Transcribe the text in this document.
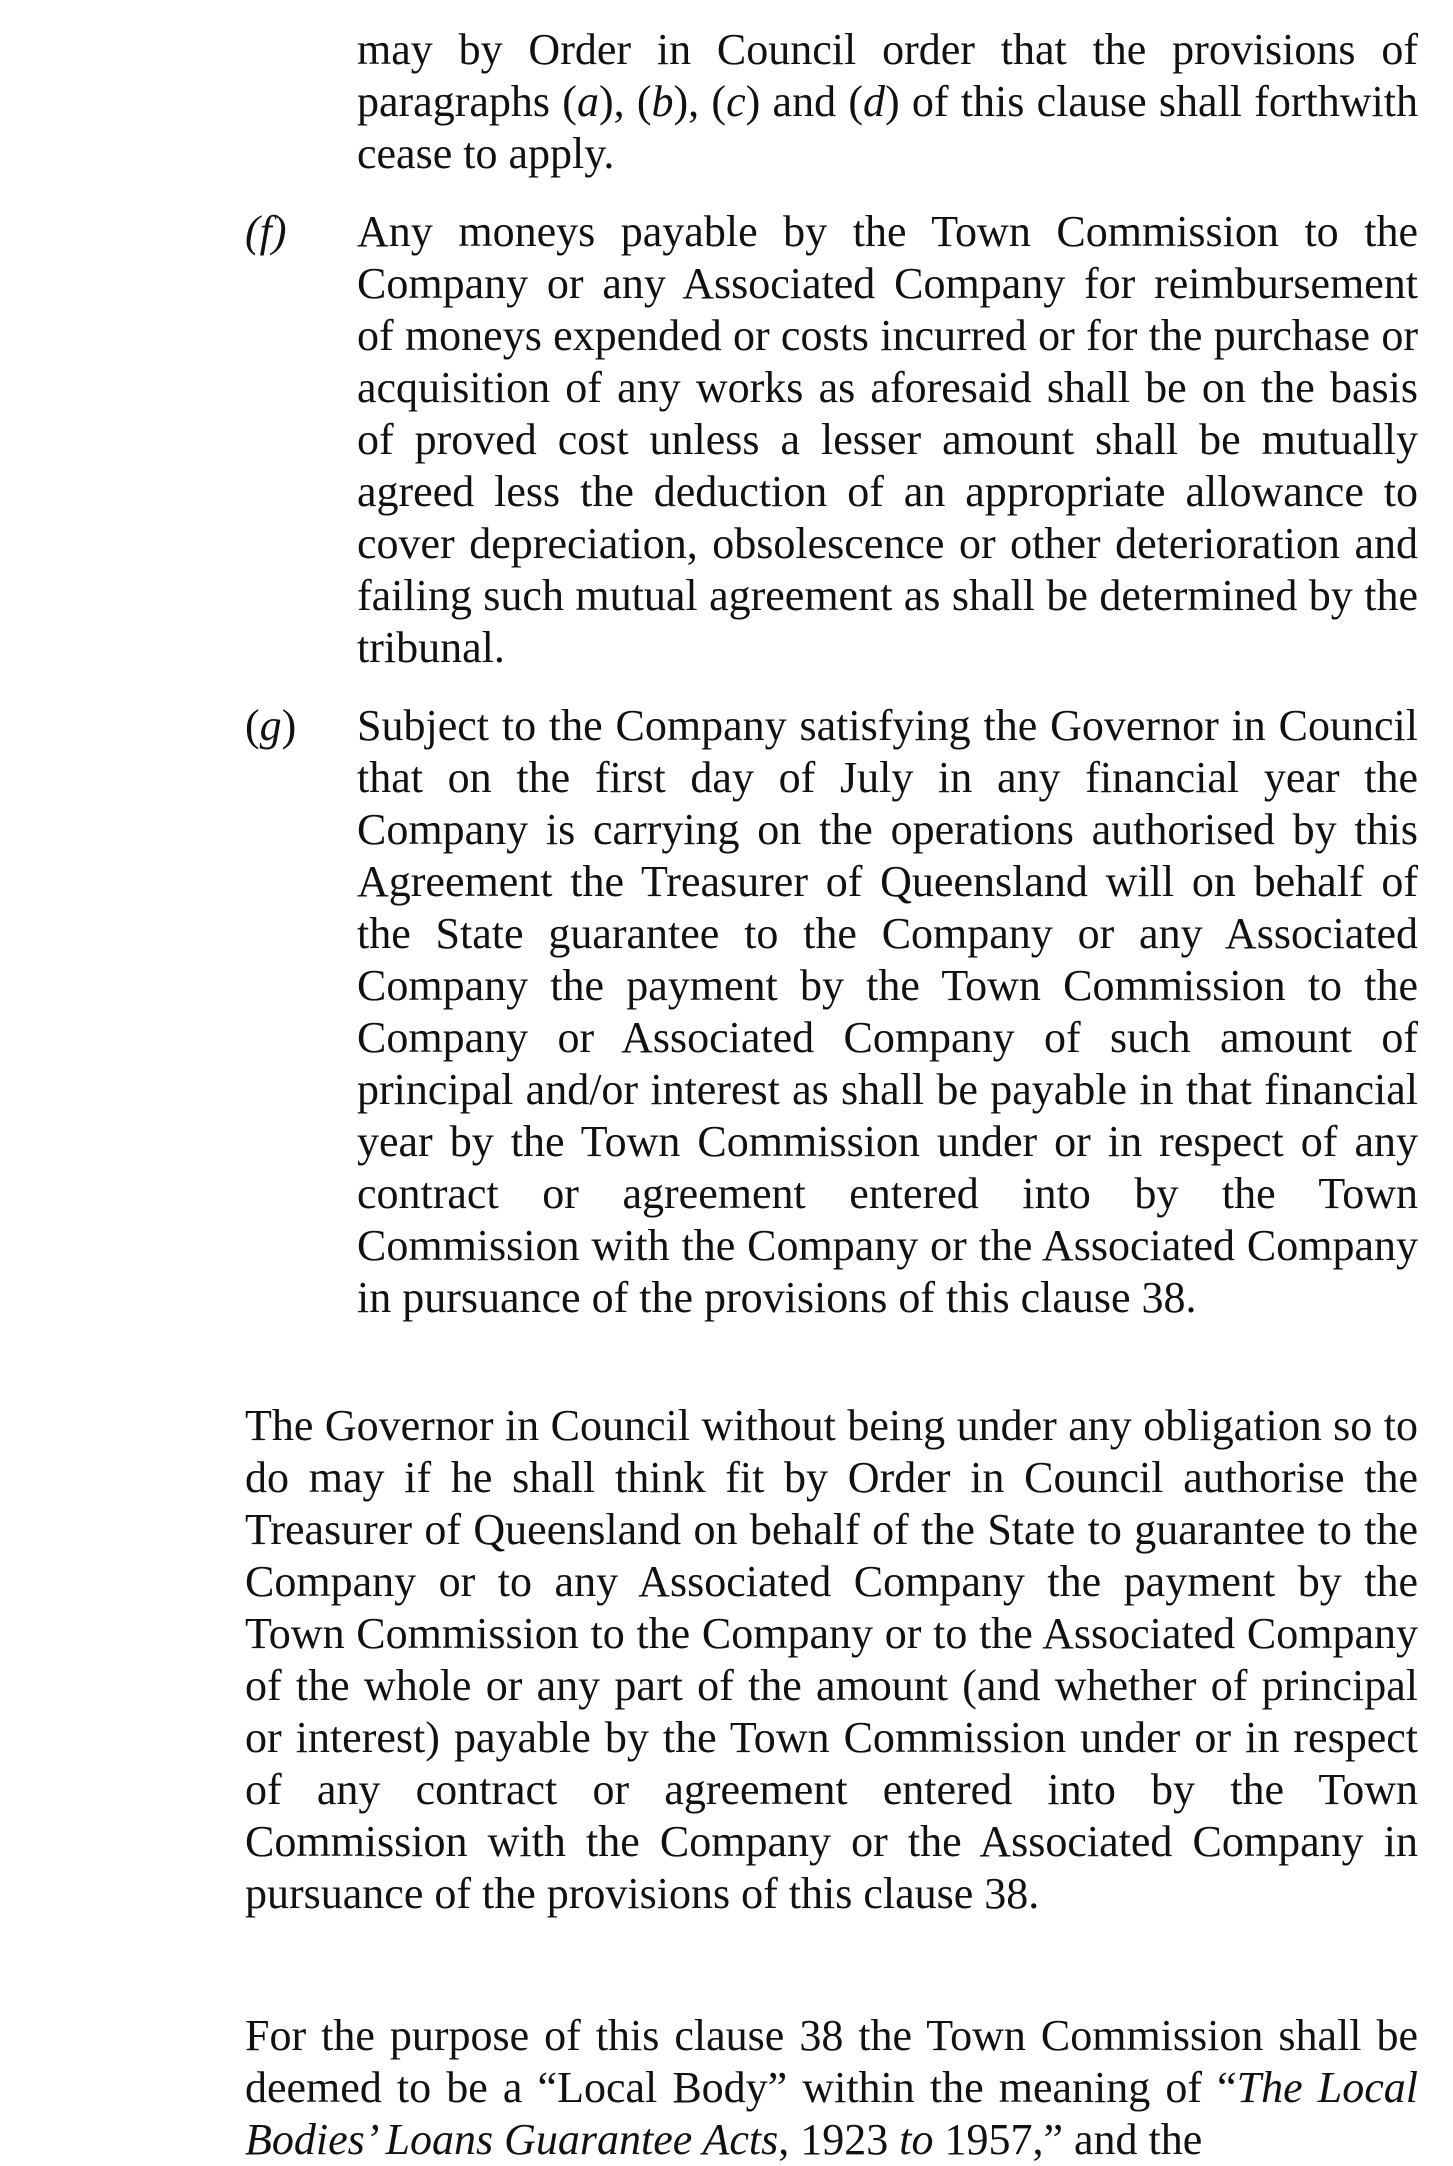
may by Order in Council order that the provisions of paragraphs (a), (b), (c) and (d) of this clause shall forthwith cease to apply.
(f)	Any moneys payable by the Town Commission to the Company or any Associated Company for reimbursement of moneys expended or costs incurred or for the purchase or acquisition of any works as aforesaid shall be on the basis of proved cost unless a lesser amount shall be mutually agreed less the deduction of an appropriate allowance to cover depreciation, obsolescence or other deterioration and failing such mutual agreement as shall be determined by the tribunal.
(g)	Subject to the Company satisfying the Governor in Council that on the first day of July in any financial year the Company is carrying on the operations authorised by this Agreement the Treasurer of Queensland will on behalf of the State guarantee to the Company or any Associated Company the payment by the Town Commission to the Company or Associated Company of such amount of principal and/or interest as shall be payable in that financial year by the Town Commission under or in respect of any contract or agreement entered into by the Town Commission with the Company or the Associated Company in pursuance of the provisions of this clause 38.
The Governor in Council without being under any obligation so to do may if he shall think fit by Order in Council authorise the Treasurer of Queensland on behalf of the State to guarantee to the Company or to any Associated Company the payment by the Town Commission to the Company or to the Associated Company of the whole or any part of the amount (and whether of principal or interest) payable by the Town Commission under or in respect of any contract or agreement entered into by the Town Commission with the Company or the Associated Company in pursuance of the provisions of this clause 38.
For the purpose of this clause 38 the Town Commission shall be deemed to be a “Local Body” within the meaning of “The Local Bodies’ Loans Guarantee Acts, 1923 to 1957,” and the
